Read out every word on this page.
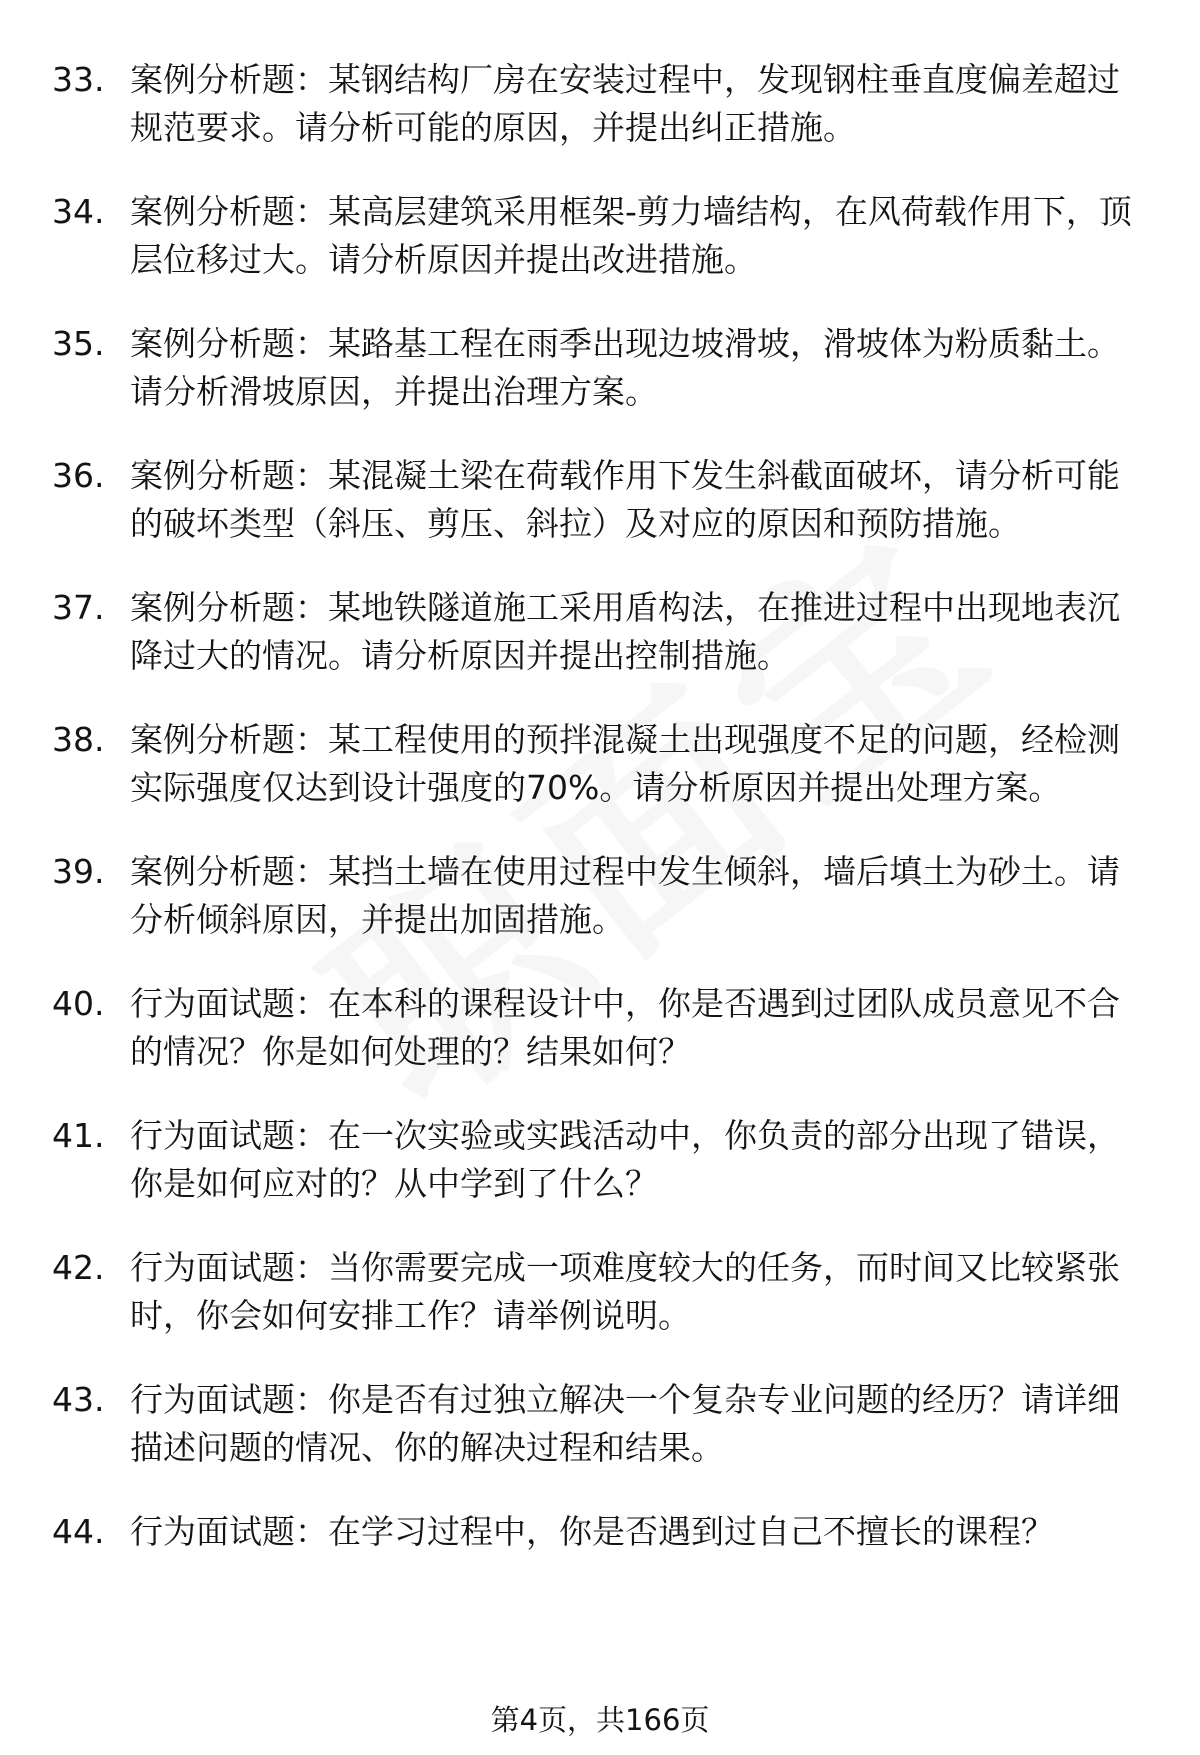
33. 案例分析题：某钢结构厂房在安装过程中，发现钢柱垂直度偏差超过规范要求。请分析可能的原因，并提出纠正措施。
34. 案例分析题：某高层建筑采用框架-剪力墙结构，在风荷载作用下，顶层位移过大。请分析原因并提出改进措施。
35. 案例分析题：某路基工程在雨季出现边坡滑坡，滑坡体为粉质黏土。请分析滑坡原因，并提出治理方案。
36. 案例分析题：某混凝土梁在荷载作用下发生斜截面破坏，请分析可能的破坏类型（斜压、剪压、斜拉）及对应的原因和预防措施。
37. 案例分析题：某地铁隧道施工采用盾构法，在推进过程中出现地表沉降过大的情况。请分析原因并提出控制措施。
38. 案例分析题：某工程使用的预拌混凝土出现强度不足的问题，经检测实际强度仅达到设计强度的70%。请分析原因并提出处理方案。
39. 案例分析题：某挡土墙在使用过程中发生倾斜，墙后填土为砂土。请分析倾斜原因，并提出加固措施。
40. 行为面试题：在本科的课程设计中，你是否遇到过团队成员意见不合的情况？你是如何处理的？结果如何？
41. 行为面试题：在一次实验或实践活动中，你负责的部分出现了错误，你是如何应对的？从中学到了什么？
42. 行为面试题：当你需要完成一项难度较大的任务，而时间又比较紧张时，你会如何安排工作？请举例说明。
43. 行为面试题：你是否有过独立解决一个复杂专业问题的经历？请详细描述问题的情况、你的解决过程和结果。
44. 行为面试题：在学习过程中，你是否遇到过自己不擅长的课程？
第4页，共166页
